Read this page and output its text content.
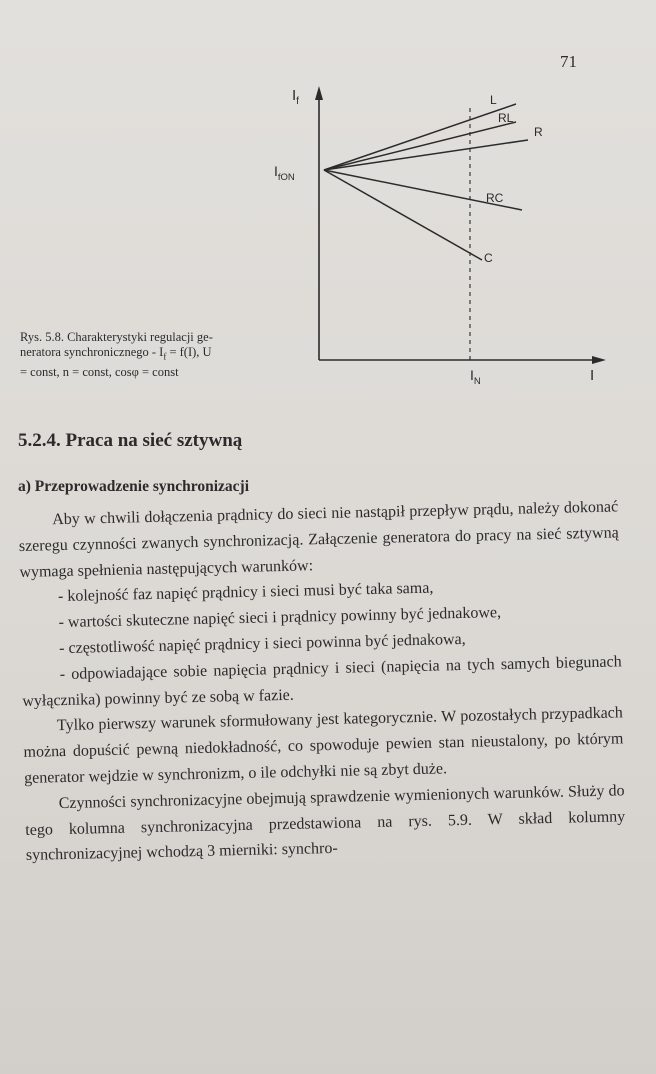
71
$I_f$
$I_{fON}$
L
RL
R
RC
C
$I_N$	I
Rys. 5.8. Charakterystyki regulacji ge-
neratora synchronicznego - $I_f = f(I)$, U
= const, n = const, cosφ = const
5.2.4. Praca na sieć sztywną
a) Przeprowadzenie synchronizacji

Aby w chwili dołączenia prądnicy do sieci nie nastąpił przepływ prądu, należy dokonać szeregu czynności zwanych synchronizacją. Załączenie generatora do pracy na sieć sztywną wymaga spełnienia następujących warunków:

- kolejność faz napięć prądnicy i sieci musi być taka sama,

- wartości skuteczne napięć sieci i prądnicy powinny być jednakowe,

- częstotliwość napięć prądnicy i sieci powinna być jednakowa,

- odpowiadające sobie napięcia prądnicy i sieci (napięcia na tych samych biegunach wyłącznika) powinny być ze sobą w fazie.

Tylko pierwszy warunek sformułowany jest kategorycznie. W pozostałych przypadkach można dopuścić pewną niedokładność, co spowoduje pewien stan nieustalony, po którym generator wejdzie w synchronizm, o ile odchyłki nie są zbyt duże.

Czynności synchronizacyjne obejmują sprawdzenie wymienionych warunków. Służy do tego kolumna synchronizacyjna przedstawiona na rys. 5.9. W skład kolumny synchronizacyjnej wchodzą 3 mierniki: synchro-
